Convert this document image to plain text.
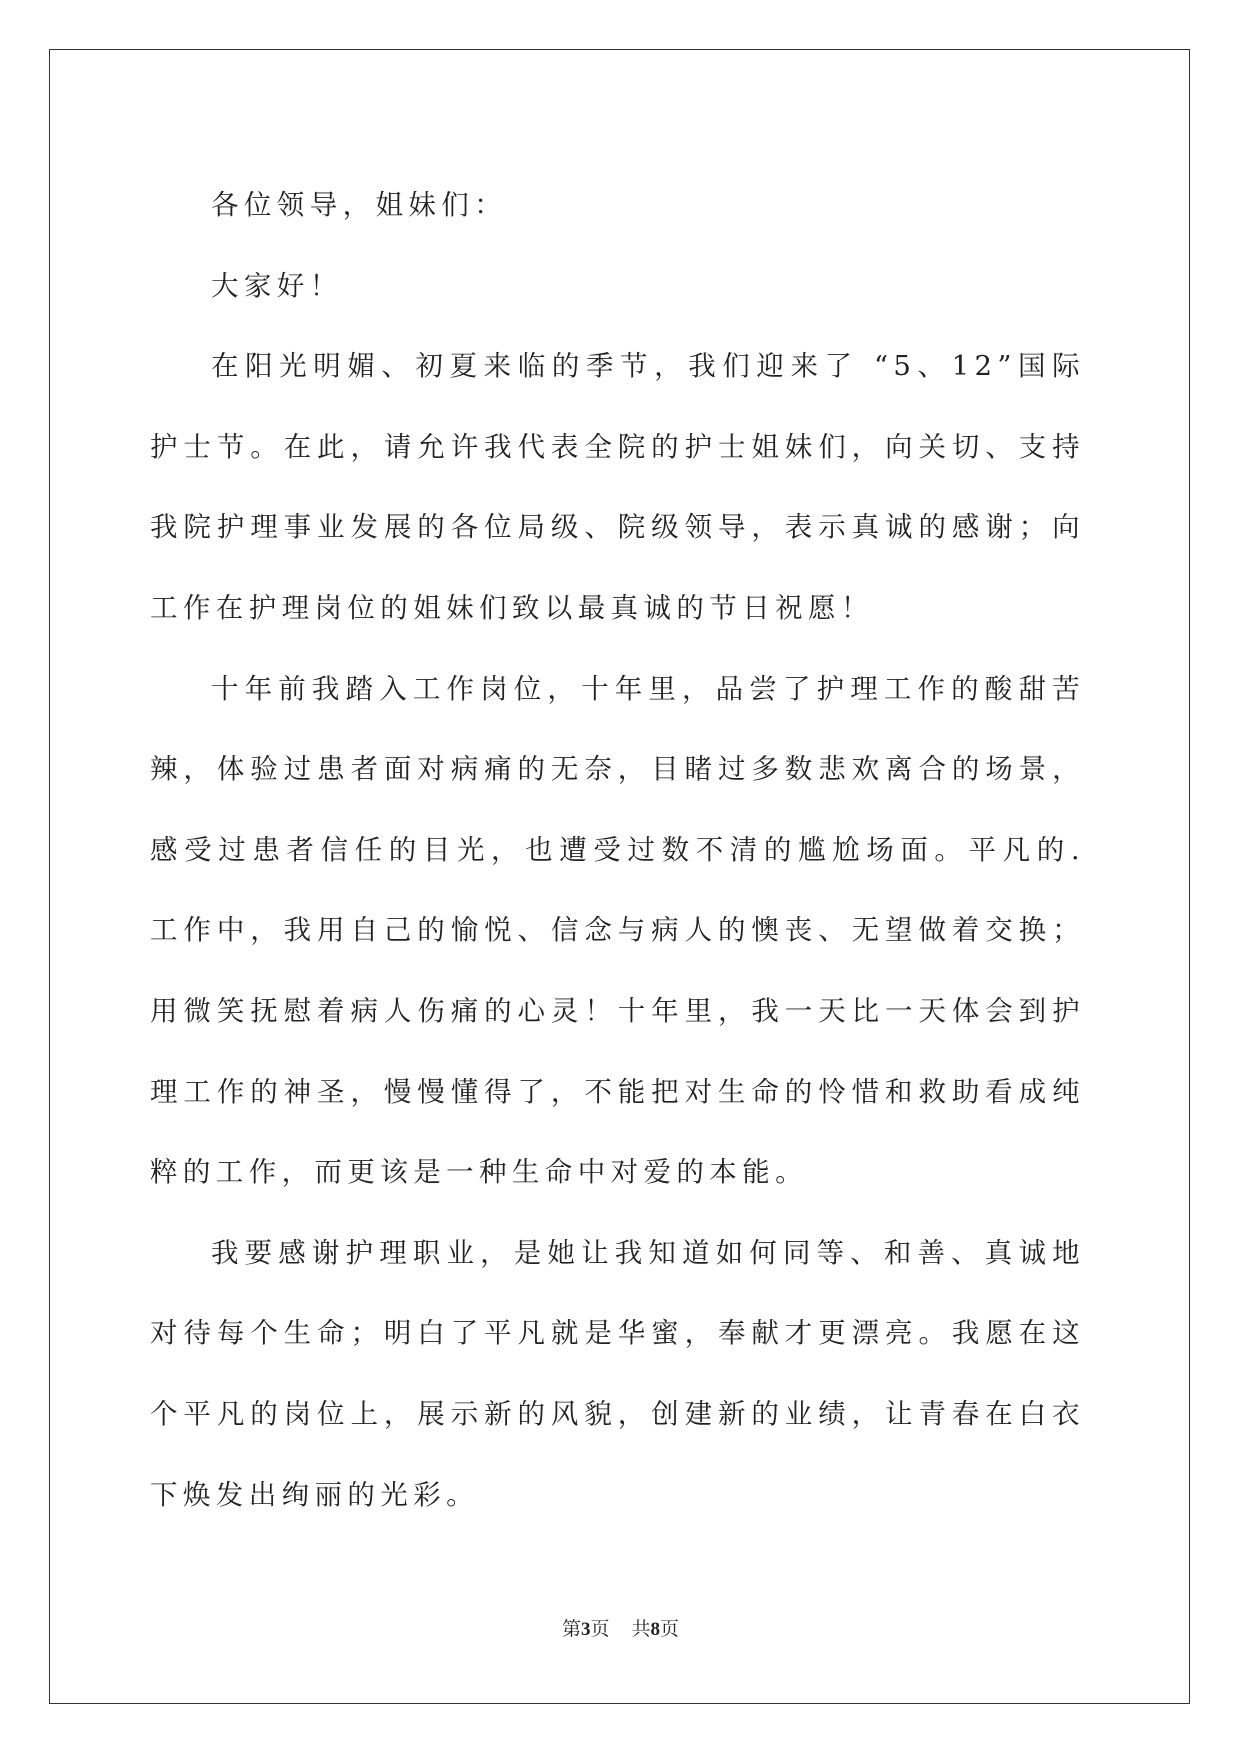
各位领导，姐妹们：

大家好！

在阳光明媚、初夏来临的季节，我们迎来了 “5、12”国际护士节。在此，请允许我代表全院的护士姐妹们，向关切、支持我院护理事业发展的各位局级、院级领导，表示真诚的感谢；向工作在护理岗位的姐妹们致以最真诚的节日祝愿！

十年前我踏入工作岗位，十年里，品尝了护理工作的酸甜苦辣，体验过患者面对病痛的无奈，目睹过多数悲欢离合的场景，感受过患者信任的目光，也遭受过数不清的尴尬场面。平凡的.工作中，我用自己的愉悦、信念与病人的懊丧、无望做着交换；用微笑抚慰着病人伤痛的心灵！十年里，我一天比一天体会到护理工作的神圣，慢慢懂得了，不能把对生命的怜惜和救助看成纯粹的工作，而更该是一种生命中对爱的本能。

我要感谢护理职业，是她让我知道如何同等、和善、真诚地对待每个生命；明白了平凡就是华蜜，奉献才更漂亮。我愿在这个平凡的岗位上，展示新的风貌，创建新的业绩，让青春在白衣下焕发出绚丽的光彩。

第3页 共8页
